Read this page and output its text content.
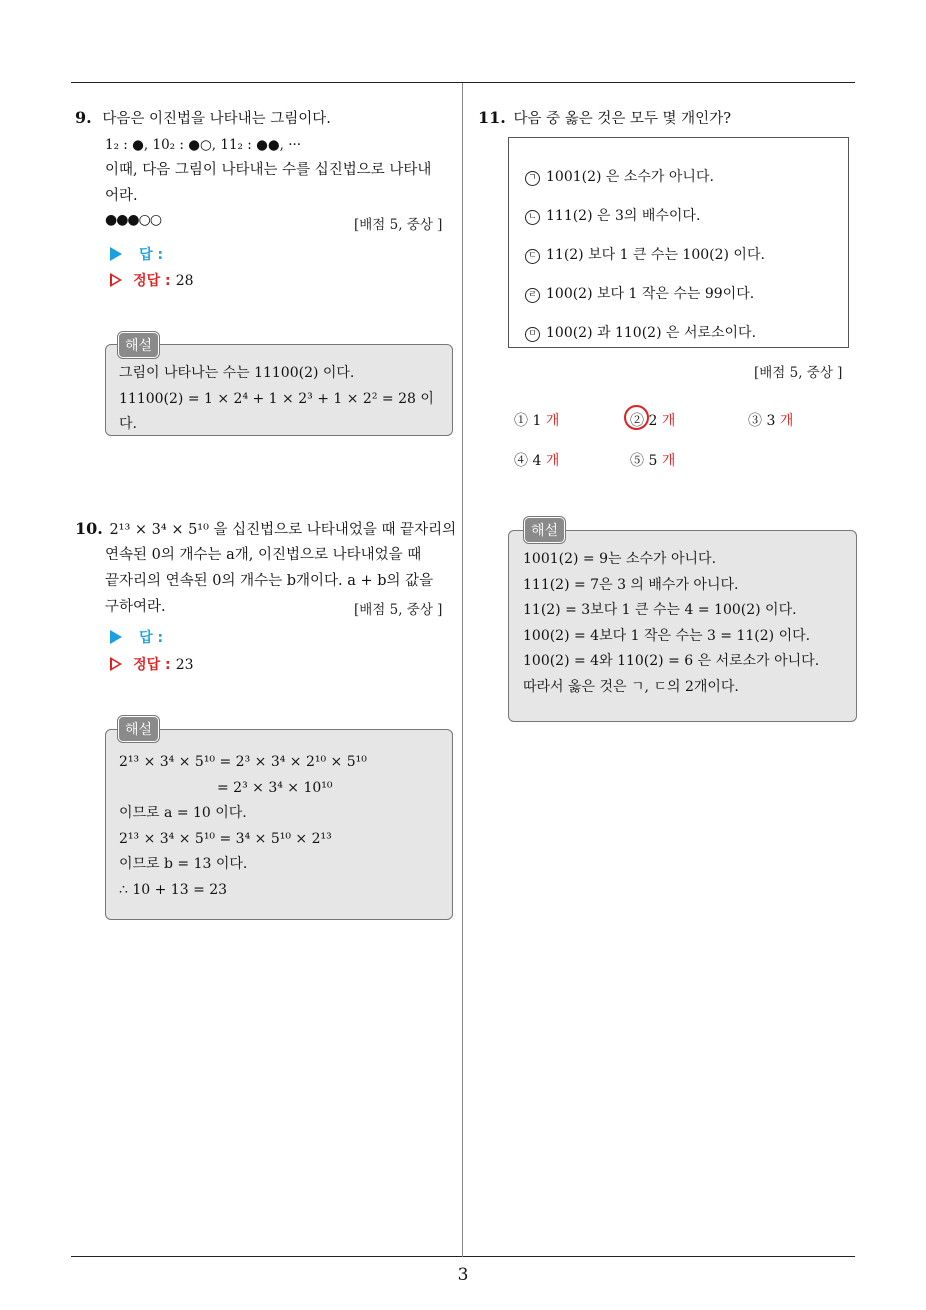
9. 다음은 이진법을 나타내는 그림이다.
1₂ : ●, 10₂ : ●○, 11₂ : ●●, ···
이때, 다음 그림이 나타내는 수를 십진법으로 나타내
어라.
●●●○○	[배점 5, 중상 ]
답 :
정답 : 28
그림이 나타나는 수는 11100(2) 이다.
11100(2) = 1 × 2⁴ + 1 × 2³ + 1 × 2² = 28 이다.
해설
10. 2¹³ × 3⁴ × 5¹⁰ 을 십진법으로 나타내었을 때 끝자리의
연속된 0의 개수는 a개, 이진법으로 나타내었을 때
끝자리의 연속된 0의 개수는 b개이다. a + b의 값을
구하여라.	[배점 5, 중상 ]
답 :
정답 : 23
2¹³ × 3⁴ × 5¹⁰ = 2³ × 3⁴ × 2¹⁰ × 5¹⁰
= 2³ × 3⁴ × 10¹⁰
이므로 a = 10 이다.
2¹³ × 3⁴ × 5¹⁰ = 3⁴ × 5¹⁰ × 2¹³
이므로 b = 13 이다.
∴ 10 + 13 = 23
해설
11. 다음 중 옳은 것은 모두 몇 개인가?
ㄱ 1001(2) 은 소수가 아니다.
ㄴ 111(2) 은 3의 배수이다.
ㄷ 11(2) 보다 1 큰 수는 100(2) 이다.
ㄹ 100(2) 보다 1 작은 수는 99이다.
ㅁ 100(2) 과 110(2) 은 서로소이다.
[배점 5, 중상 ]
① 1 개	② 2 개	③ 3 개
④ 4 개	⑤ 5 개
1001(2) = 9는 소수가 아니다.
111(2) = 7은 3 의 배수가 아니다.
11(2) = 3보다 1 큰 수는 4 = 100(2) 이다.
100(2) = 4보다 1 작은 수는 3 = 11(2) 이다.
100(2) = 4와 110(2) = 6 은 서로소가 아니다.
따라서 옳은 것은 ㄱ, ㄷ의 2개이다.
해설
3
